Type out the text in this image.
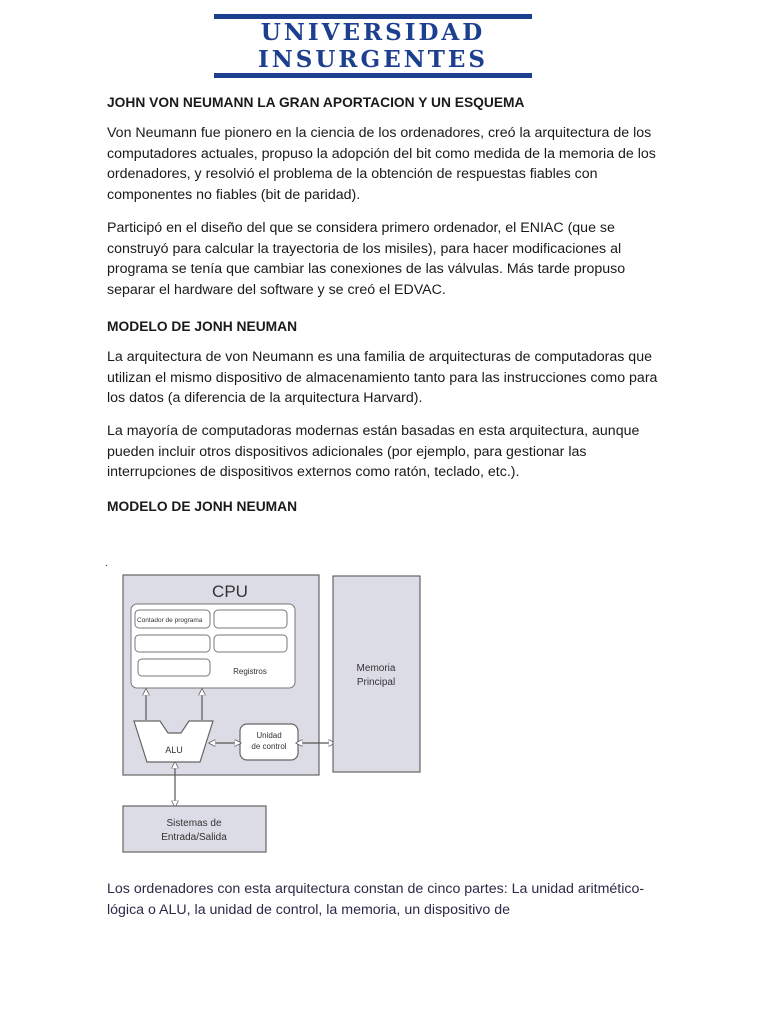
UNIVERSIDAD
INSURGENTES

JOHN VON NEUMANN LA GRAN APORTACION Y UN ESQUEMA

Von Neumann fue pionero en la ciencia de los ordenadores, creó la arquitectura de los computadores actuales, propuso la adopción del bit como medida de la memoria de los ordenadores, y resolvió el problema de la obtención de respuestas fiables con componentes no fiables (bit de paridad).

Participó en el diseño del que se considera primero ordenador, el ENIAC (que se construyó para calcular la trayectoria de los misiles), para hacer modificaciones al programa se tenía que cambiar las conexiones de las válvulas. Más tarde propuso separar el hardware del software y se creó el EDVAC.

MODELO DE JONH NEUMAN

La arquitectura de von Neumann es una familia de arquitecturas de computadoras que utilizan el mismo dispositivo de almacenamiento tanto para las instrucciones como para los datos (a diferencia de la arquitectura Harvard).

La mayoría de computadoras modernas están basadas en esta arquitectura, aunque pueden incluir otros dispositivos adicionales (por ejemplo, para gestionar las interrupciones de dispositivos externos como ratón, teclado, etc.).

MODELO DE JONH NEUMAN

.
CPU
Contador de programa
Registros
ALU
Unidad
de control
Memoria
Principal
Sistemas de
Entrada/Salida

Los ordenadores con esta arquitectura constan de cinco partes: La unidad aritmético-lógica o ALU, la unidad de control, la memoria, un dispositivo de
